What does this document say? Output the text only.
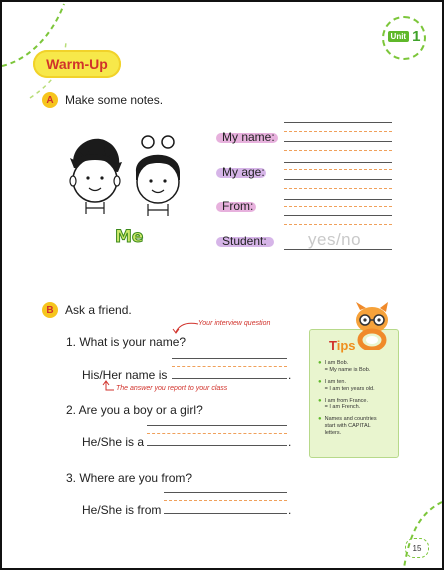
Unit 1
Warm-Up
A Make some notes.
Me
My name:
My age:
From:
Student: yes/no
B Ask a friend.
Your interview question
1. What is your name?
His/Her name is	.
The answer you report to your class
2. Are you a boy or a girl?
He/She is a	.
3. Where are you from?
He/She is from	.
Tips
● I am Bob.
= My name is Bob.
● I am ten.
= I am ten years old.
● I am from France.
= I am French.
● Names and countries
start with CAPITAL
letters.
15
